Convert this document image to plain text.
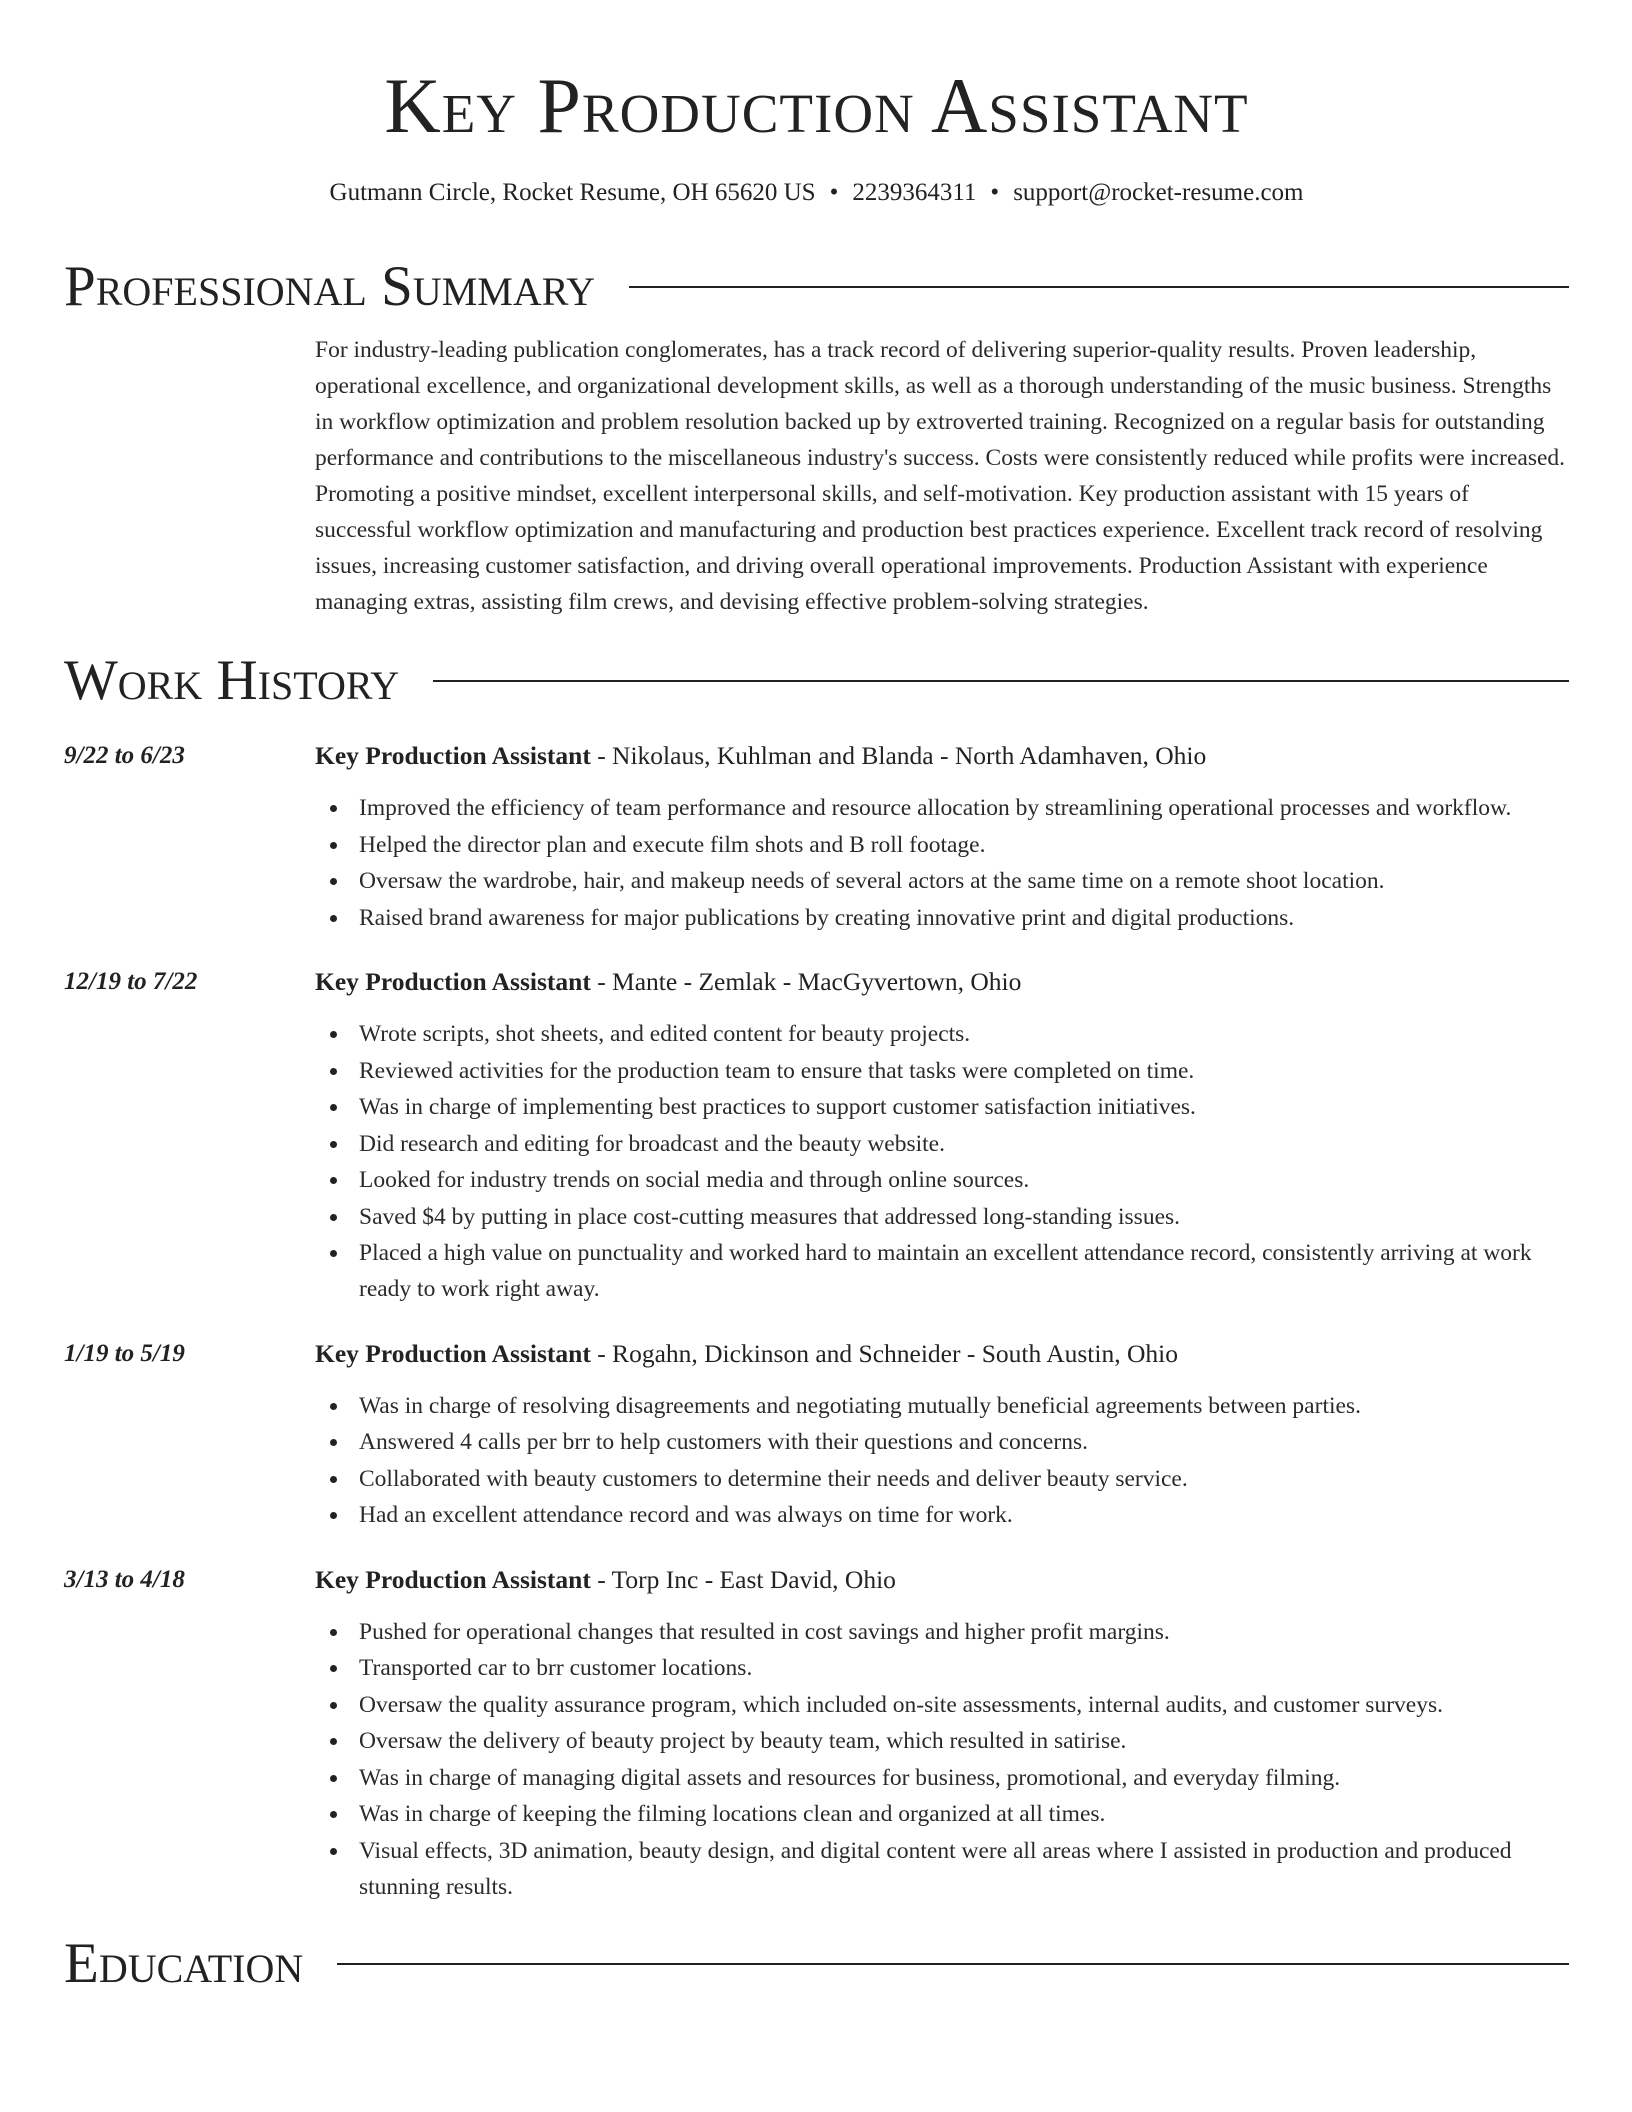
Key Production Assistant
Gutmann Circle, Rocket Resume, OH 65620 US • 2239364311 • support@rocket-resume.com
Professional Summary
For industry-leading publication conglomerates, has a track record of delivering superior-quality results. Proven leadership, operational excellence, and organizational development skills, as well as a thorough understanding of the music business. Strengths in workflow optimization and problem resolution backed up by extroverted training. Recognized on a regular basis for outstanding performance and contributions to the miscellaneous industry's success. Costs were consistently reduced while profits were increased. Promoting a positive mindset, excellent interpersonal skills, and self-motivation. Key production assistant with 15 years of successful workflow optimization and manufacturing and production best practices experience. Excellent track record of resolving issues, increasing customer satisfaction, and driving overall operational improvements. Production Assistant with experience managing extras, assisting film crews, and devising effective problem-solving strategies.
Work History
9/22 to 6/23	Key Production Assistant - Nikolaus, Kuhlman and Blanda - North Adamhaven, Ohio
Improved the efficiency of team performance and resource allocation by streamlining operational processes and workflow.
Helped the director plan and execute film shots and B roll footage.
Oversaw the wardrobe, hair, and makeup needs of several actors at the same time on a remote shoot location.
Raised brand awareness for major publications by creating innovative print and digital productions.
12/19 to 7/22	Key Production Assistant - Mante - Zemlak - MacGyvertown, Ohio
Wrote scripts, shot sheets, and edited content for beauty projects.
Reviewed activities for the production team to ensure that tasks were completed on time.
Was in charge of implementing best practices to support customer satisfaction initiatives.
Did research and editing for broadcast and the beauty website.
Looked for industry trends on social media and through online sources.
Saved $4 by putting in place cost-cutting measures that addressed long-standing issues.
Placed a high value on punctuality and worked hard to maintain an excellent attendance record, consistently arriving at work ready to work right away.
1/19 to 5/19	Key Production Assistant - Rogahn, Dickinson and Schneider - South Austin, Ohio
Was in charge of resolving disagreements and negotiating mutually beneficial agreements between parties.
Answered 4 calls per brr to help customers with their questions and concerns.
Collaborated with beauty customers to determine their needs and deliver beauty service.
Had an excellent attendance record and was always on time for work.
3/13 to 4/18	Key Production Assistant - Torp Inc - East David, Ohio
Pushed for operational changes that resulted in cost savings and higher profit margins.
Transported car to brr customer locations.
Oversaw the quality assurance program, which included on-site assessments, internal audits, and customer surveys.
Oversaw the delivery of beauty project by beauty team, which resulted in satirise.
Was in charge of managing digital assets and resources for business, promotional, and everyday filming.
Was in charge of keeping the filming locations clean and organized at all times.
Visual effects, 3D animation, beauty design, and digital content were all areas where I assisted in production and produced stunning results.
Education
